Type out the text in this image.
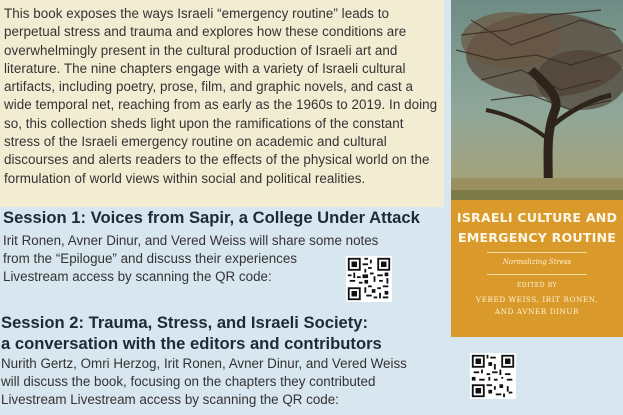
This book exposes the ways Israeli “emergency routine” leads to perpetual stress and trauma and explores how these conditions are overwhelmingly present in the cultural production of Israeli art and literature. The nine chapters engage with a variety of Israeli cultural artifacts, including poetry, prose, film, and graphic novels, and cast a wide temporal net, reaching from as early as the 1960s to 2019. In doing so, this collection sheds light upon the ramifications of the constant stress of the Israeli emergency routine on academic and cultural discourses and alerts readers to the effects of the physical world on the formulation of world views within social and political realities.
Session 1: Voices from Sapir, a College Under Attack
Irit Ronen, Avner Dinur, and Vered Weiss will share some notes
from the “Epilogue” and discuss their experiences
Livestream access by scanning the QR code:
Session 2: Trauma, Stress, and Israeli Society:
a conversation with the editors and contributors
Nurith Gertz, Omri Herzog, Irit Ronen, Avner Dinur, and Vered Weiss
will discuss the book, focusing on the chapters they contributed
Livestream Livestream access by scanning the QR code:
ISRAELI CULTURE AND
EMERGENCY ROUTINE
Normalizing Stress
EDITED BY
VERED WEISS, IRIT RONEN,
AND AVNER DINUR
